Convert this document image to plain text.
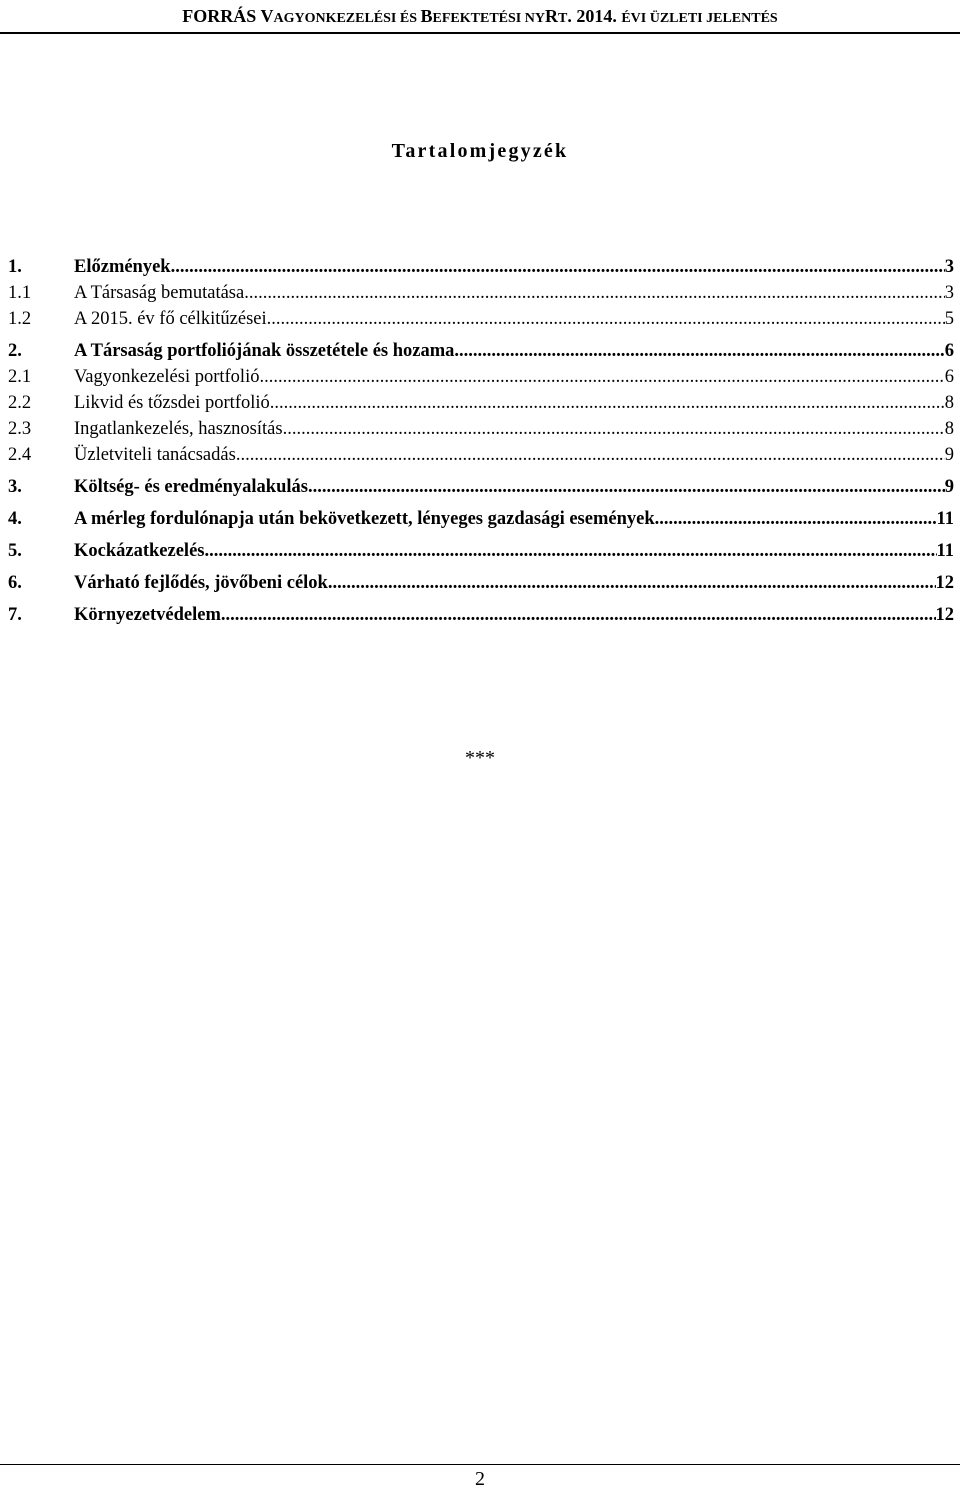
FORRÁS VAGYONKEZELÉSI ÉS BEFEKTETÉSI NYRT. 2014. ÉVI ÜZLETI JELENTÉS
Tartalomjegyzék
1.	Előzmények .....	3
1.1	A Társaság bemutatása .....	3
1.2	A 2015. év fő célkitűzései .....	5
2.	A Társaság portfoliójának összetétele és hozama .....	6
2.1	Vagyonkezelési portfolió .....	6
2.2	Likvid és tőzsdei portfolió .....	8
2.3	Ingatlankezelés, hasznosítás .....	8
2.4	Üzletviteli tanácsadás .....	9
3.	Költség- és eredményalakulás .....	9
4.	A mérleg fordulónapja után bekövetkezett, lényeges gazdasági események .....	11
5.	Kockázatkezelés .....	11
6.	Várható fejlődés, jövőbeni célok .....	12
7.	Környezetvédelem .....	12
***
2
